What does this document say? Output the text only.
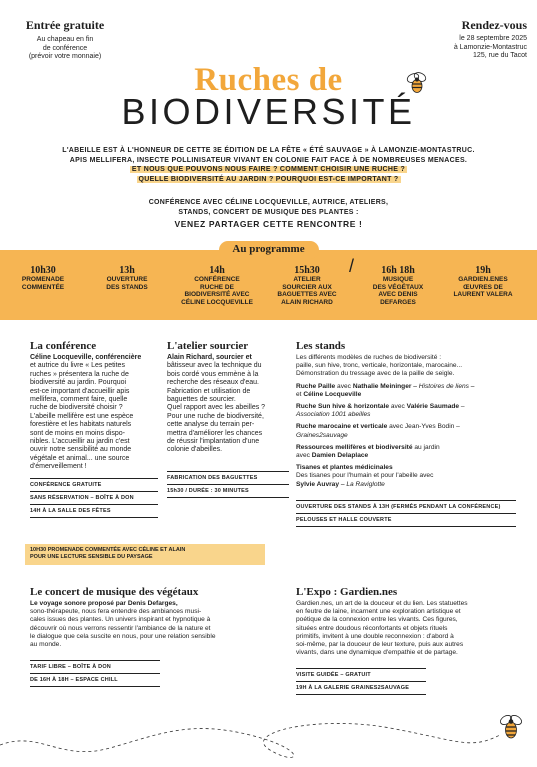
Entrée gratuite
Au chapeau en fin
de conférence
(prévoir votre monnaie)
Rendez-vous
le 28 septembre 2025
à Lamonzie-Montastruc
125, rue du Tacot
Ruches de
BIODIVERSITÉ
L'ABEILLE EST À L'HONNEUR DE CETTE 3E ÉDITION DE LA FÊTE « ÉTÉ SAUVAGE » À LAMONZIE-MONTASTRUC.
APIS MELLIFERA, INSECTE POLLINISATEUR VIVANT EN COLONIE FAIT FACE À DE NOMBREUSES MENACES.
ET NOUS QUE POUVONS NOUS FAIRE ? COMMENT CHOISIR UNE RUCHE ?
QUELLE BIODIVERSITÉ AU JARDIN ? POURQUOI EST-CE IMPORTANT ?
CONFÉRENCE AVEC CÉLINE LOCQUEVILLE, AUTRICE, ATELIERS,
STANDS, CONCERT DE MUSIQUE DES PLANTES :
VENEZ PARTAGER CETTE RENCONTRE !
Au programme
10h30
PROMENADE
COMMENTÉE
13h
OUVERTURE
DES STANDS
14h
CONFÉRENCE
RUCHE DE
BIODIVERSITÉ AVEC
CÉLINE LOCQUEVILLE
15h30
ATELIER
SOURCIER AUX
BAGUETTES AVEC
ALAIN RICHARD
/	16h 18h
MUSIQUE
DES VÉGÉTAUX
AVEC DENIS
DEFARGES
19h
GARDIEN.ENES
ŒUVRES DE
LAURENT VALERA
La conférence
Céline Locqueville, conférencière
et autrice du livre « Les petites
ruches » présentera la ruche de
biodiversité au jardin. Pourquoi
est-ce important d'accueillir apis
mellifera, comment faire, quelle
ruche de biodiversité choisir ?
L'abeille mellifère est une espèce
forestière et les habitats naturels
sont de moins en moins dispo-
nibles. L'accueillir au jardin c'est
ouvrir notre sensibilité au monde
végétale et animal... une source
d'émerveillement !
CONFÉRENCE GRATUITE
SANS RÉSERVATION – BOÎTE À DON
14H À LA SALLE DES FÊTES
L'atelier sourcier
Alain Richard, sourcier et
bâtisseur avec la technique du
bois cordé vous emmène à la
recherche des réseaux d'eau.
Fabrication et utilisation de
baguettes de sourcier.
Quel rapport avec les abeilles ?
Pour une ruche de biodiversité,
cette analyse du terrain per-
mettra d'améliorer les chances
de réussir l'implantation d'une
colonie d'abeilles.
FABRICATION DES BAGUETTES
15h30 / DURÉE : 30 MINUTES
Les stands
Les différents modèles de ruches de biodiversité :
paille, sun hive, tronc, verticale, horizontale, marocaine...
Démonstration du tressage avec de la paille de seigle.
Ruche Paille avec Nathalie Meininger – Histoires de liens –
et Céline Locqueville
Ruche Sun hive & horizontale avec Valérie Saumade –
Association 1001 abeilles
Ruche marocaine et verticale avec Jean-Yves Bodin –
Graines2sauvage
Ressources mellifères et biodiversité au jardin
avec Damien Delaplace
Tisanes et plantes médicinales
Des tisanes pour l'humain et pour l'abeille avec
Sylvie Auvray – La Raviglotte
OUVERTURE DES STANDS À 13H (FERMÉS PENDANT LA CONFÉRENCE)
PELOUSES ET HALLE COUVERTE
10H30 PROMENADE COMMENTÉE AVEC CÉLINE ET ALAIN
POUR UNE LECTURE SENSIBLE DU PAYSAGE
Le concert de musique des végétaux
Le voyage sonore proposé par Denis Defarges,
sono-thérapeute, nous fera entendre des ambiances musi-
cales issues des plantes. Un univers inspirant et hypnotique à
découvrir où nous verrons ressentir l'ambiance de la nature et
le dialogue que cela suscite en nous, pour une relation sensible
au monde.
TARIF LIBRE – BOÎTE À DON
DE 16H À 18H – ESPACE CHILL
L'Expo : Gardien.nes
Gardien.nes, un art de la douceur et du lien. Les statuettes
en feutre de laine, incarnent une exploration artistique et
poétique de la connexion entre les vivants. Ces figures,
situées entre doudous réconfortants et objets rituels
primitifs, invitent à une double reconnexion : d'abord à
soi-même, par la douceur de leur texture, puis aux autres
vivants, dans une dynamique d'empathie et de partage.
VISITE GUIDÉE – GRATUIT
19H À LA GALERIE GRAINES2SAUVAGE
